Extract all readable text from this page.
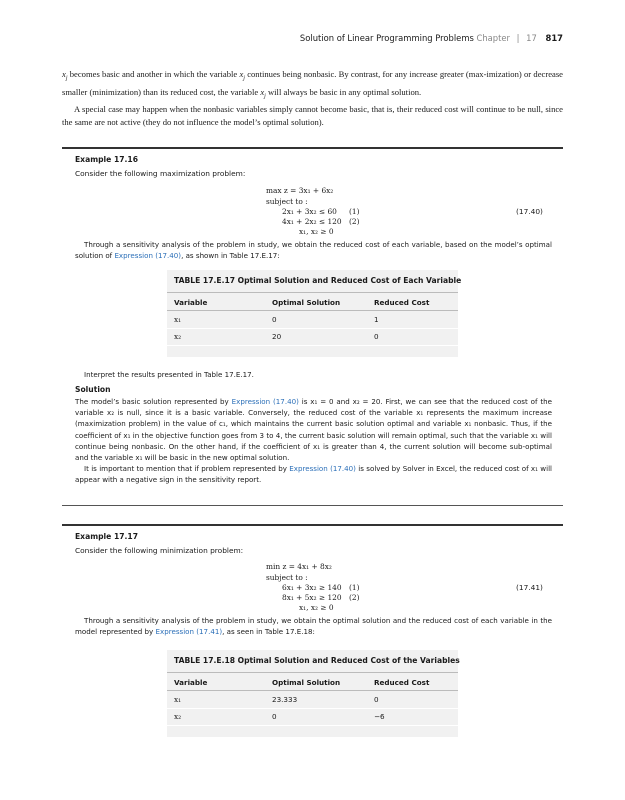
Solution of Linear Programming Problems Chapter | 17 817

$x_j$ becomes basic and another in which the variable $x_j$ continues being nonbasic. By contrast, for any increase greater (max-imization) or decrease smaller (minimization) than its reduced cost, the variable $x_j$ will always be basic in any optimal solution.

A special case may happen when the nonbasic variables simply cannot become basic, that is, their reduced cost will continue to be null, since the same are not active (they do not influence the model’s optimal solution).

Example 17.16
Consider the following maximization problem:
max z = 3x₁ + 6x₂
subject to :
2x₁ + 3x₂ ≤ 60 (1)
4x₁ + 2x₂ ≤ 120 (2)
x₁, x₂ ≥ 0
(17.40)

Through a sensitivity analysis of the problem in study, we obtain the reduced cost of each variable, based on the model’s optimal solution of Expression (17.40), as shown in Table 17.E.17:

TABLE 17.E.17 Optimal Solution and Reduced Cost of Each Variable
Variable	Optimal Solution	Reduced Cost
x₁	0	1
x₂	20	0

Interpret the results presented in Table 17.E.17.

Solution

The model’s basic solution represented by Expression (17.40) is x₁ = 0 and x₂ = 20. First, we can see that the reduced cost of the variable x₂ is null, since it is a basic variable. Conversely, the reduced cost of the variable x₁ represents the maximum increase (maximization problem) in the value of c₁, which maintains the current basic solution optimal and variable x₁ nonbasic. Thus, if the coefficient of x₁ in the objective function goes from 3 to 4, the current basic solution will remain optimal, such that the variable x₁ will continue being nonbasic. On the other hand, if the coefficient of x₁ is greater than 4, the current solution will become sub-optimal and the variable x₁ will be basic in the new optimal solution.

It is important to mention that if problem represented by Expression (17.40) is solved by Solver in Excel, the reduced cost of x₁ will appear with a negative sign in the sensitivity report.

Example 17.17
Consider the following minimization problem:
min z = 4x₁ + 8x₂
subject to :
6x₁ + 3x₂ ≥ 140 (1)
8x₁ + 5x₂ ≥ 120 (2)
x₁, x₂ ≥ 0
(17.41)

Through a sensitivity analysis of the problem in study, we obtain the optimal solution and the reduced cost of each variable in the model represented by Expression (17.41), as seen in Table 17.E.18:

TABLE 17.E.18 Optimal Solution and Reduced Cost of the Variables
Variable	Optimal Solution	Reduced Cost
x₁	23.333	0
x₂	0	−6
